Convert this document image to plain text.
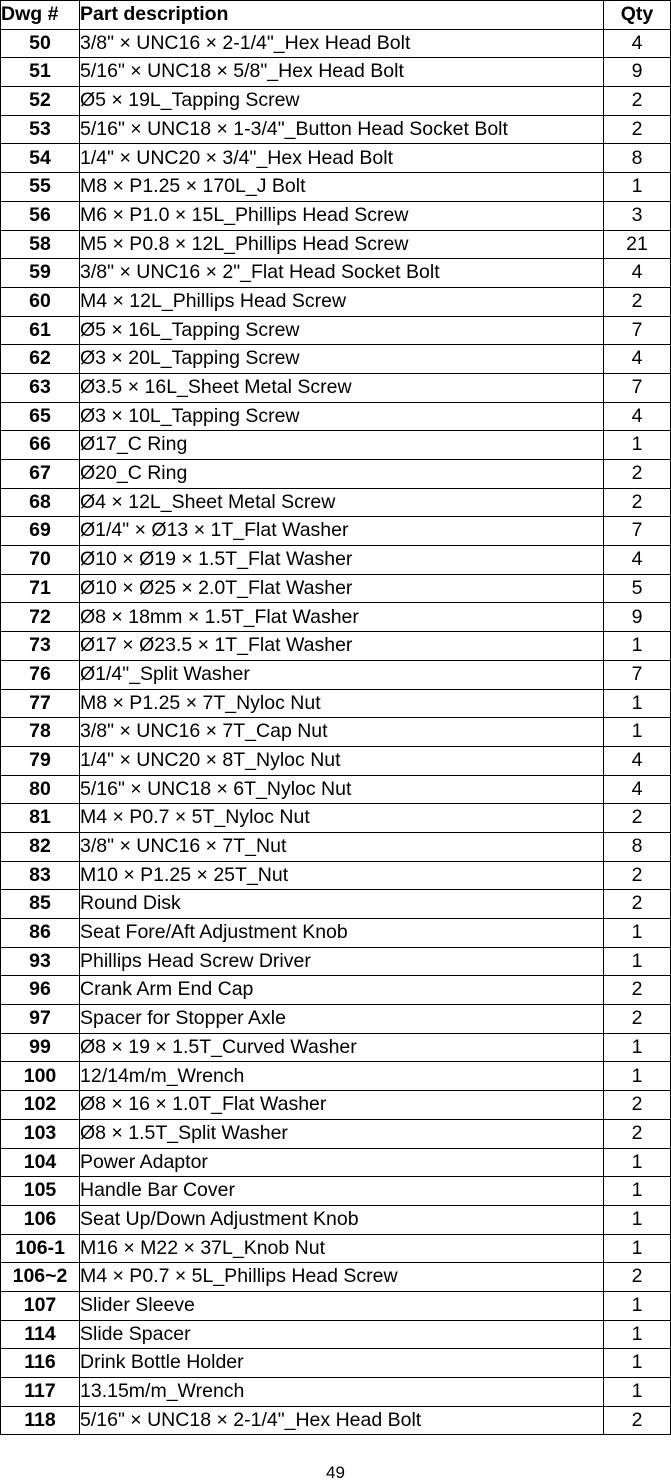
Dwg #	Part description	Qty
50	3/8" × UNC16 × 2-1/4"_Hex Head Bolt	4
51	5/16" × UNC18 × 5/8"_Hex Head Bolt	9
52	Ø5 × 19L_Tapping Screw	2
53	5/16" × UNC18 × 1-3/4"_Button Head Socket Bolt	2
54	1/4" × UNC20 × 3/4"_Hex Head Bolt	8
55	M8 × P1.25 × 170L_J Bolt	1
56	M6 × P1.0 × 15L_Phillips Head Screw	3
58	M5 × P0.8 × 12L_Phillips Head Screw	21
59	3/8" × UNC16 × 2"_Flat Head Socket Bolt	4
60	M4 × 12L_Phillips Head Screw	2
61	Ø5 × 16L_Tapping Screw	7
62	Ø3 × 20L_Tapping Screw	4
63	Ø3.5 × 16L_Sheet Metal Screw	7
65	Ø3 × 10L_Tapping Screw	4
66	Ø17_C Ring	1
67	Ø20_C Ring	2
68	Ø4 × 12L_Sheet Metal Screw	2
69	Ø1/4" × Ø13 × 1T_Flat Washer	7
70	Ø10 × Ø19 × 1.5T_Flat Washer	4
71	Ø10 × Ø25 × 2.0T_Flat Washer	5
72	Ø8 × 18mm × 1.5T_Flat Washer	9
73	Ø17 × Ø23.5 × 1T_Flat Washer	1
76	Ø1/4"_Split Washer	7
77	M8 × P1.25 × 7T_Nyloc Nut	1
78	3/8" × UNC16 × 7T_Cap Nut	1
79	1/4" × UNC20 × 8T_Nyloc Nut	4
80	5/16" × UNC18 × 6T_Nyloc Nut	4
81	M4 × P0.7 × 5T_Nyloc Nut	2
82	3/8" × UNC16 × 7T_Nut	8
83	M10 × P1.25 × 25T_Nut	2
85	Round Disk	2
86	Seat Fore/Aft Adjustment Knob	1
93	Phillips Head Screw Driver	1
96	Crank Arm End Cap	2
97	Spacer for Stopper Axle	2
99	Ø8 × 19 × 1.5T_Curved Washer	1
100	12/14m/m_Wrench	1
102	Ø8 × 16 × 1.0T_Flat Washer	2
103	Ø8 × 1.5T_Split Washer	2
104	Power Adaptor	1
105	Handle Bar Cover	1
106	Seat Up/Down Adjustment Knob	1
106-1	M16 × M22 × 37L_Knob Nut	1
106~2	M4 × P0.7 × 5L_Phillips Head Screw	2
107	Slider Sleeve	1
114	Slide Spacer	1
116	Drink Bottle Holder	1
117	13.15m/m_Wrench	1
118	5/16" × UNC18 × 2-1/4"_Hex Head Bolt	2
49
